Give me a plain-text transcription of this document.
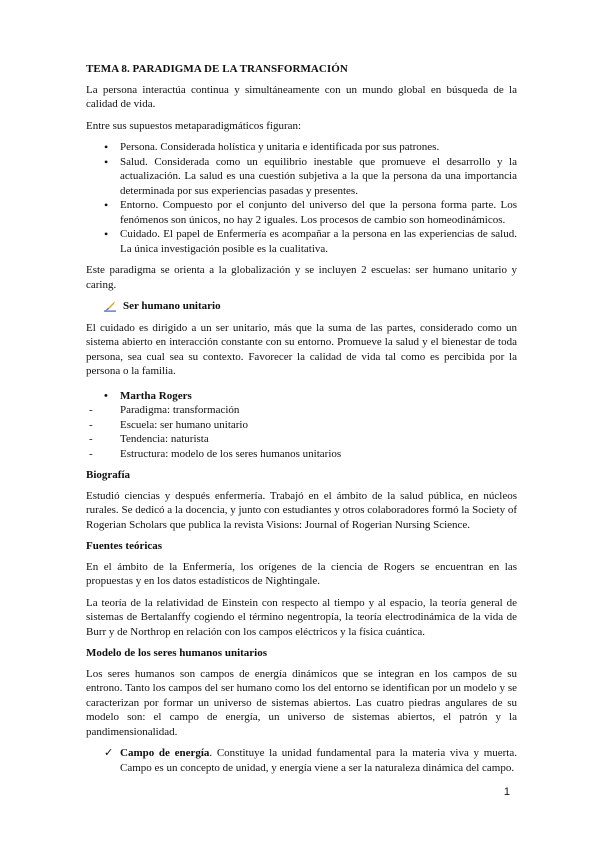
TEMA 8. PARADIGMA DE LA TRANSFORMACIÓN

La persona interactúa continua y simultáneamente con un mundo global en búsqueda de la calidad de vida.

Entre sus supuestos metaparadigmáticos figuran:

• Persona. Considerada holística y unitaria e identificada por sus patrones.
• Salud. Considerada como un equilibrio inestable que promueve el desarrollo y la actualización. La salud es una cuestión subjetiva a la que la persona da una importancia determinada por sus experiencias pasadas y presentes.
• Entorno. Compuesto por el conjunto del universo del que la persona forma parte. Los fenómenos son únicos, no hay 2 iguales. Los procesos de cambio son homeodinámicos.
• Cuidado. El papel de Enfermería es acompañar a la persona en las experiencias de salud. La única investigación posible es la cualitativa.

Este paradigma se orienta a la globalización y se incluyen 2 escuelas: ser humano unitario y caring.

Ser humano unitario

El cuidado es dirigido a un ser unitario, más que la suma de las partes, considerado como un sistema abierto en interacción constante con su entorno. Promueve la salud y el bienestar de toda persona, sea cual sea su contexto. Favorecer la calidad de vida tal como es percibida por la persona o la familia.

• Martha Rogers
- Paradigma: transformación
- Escuela: ser humano unitario
- Tendencia: naturista
- Estructura: modelo de los seres humanos unitarios
Biografía

Estudió ciencias y después enfermería. Trabajó en el ámbito de la salud pública, en núcleos rurales. Se dedicó a la docencia, y junto con estudiantes y otros colaboradores formó la Society of Rogerian Scholars que publica la revista Visions: Journal of Rogerian Nursing Science.

Fuentes teóricas

En el ámbito de la Enfermería, los orígenes de la ciencia de Rogers se encuentran en las propuestas y en los datos estadísticos de Nightingale.

La teoría de la relatividad de Einstein con respecto al tiempo y al espacio, la teoría general de sistemas de Bertalanffy cogiendo el término negentropía, la teoría electrodinámica de la vida de Burr y de Northrop en relación con los campos eléctricos y la física cuántica.

Modelo de los seres humanos unitarios

Los seres humanos son campos de energía dinámicos que se integran en los campos de su entrono. Tanto los campos del ser humano como los del entorno se identifican por un modelo y se caracterizan por formar un universo de sistemas abiertos. Las cuatro piedras angulares de su modelo son: el campo de energía, un universo de sistemas abiertos, el patrón y la pandimensionalidad.

✓ Campo de energía. Constituye la unidad fundamental para la materia viva y muerta. Campo es un concepto de unidad, y energía viene a ser la naturaleza dinámica del campo.
1
